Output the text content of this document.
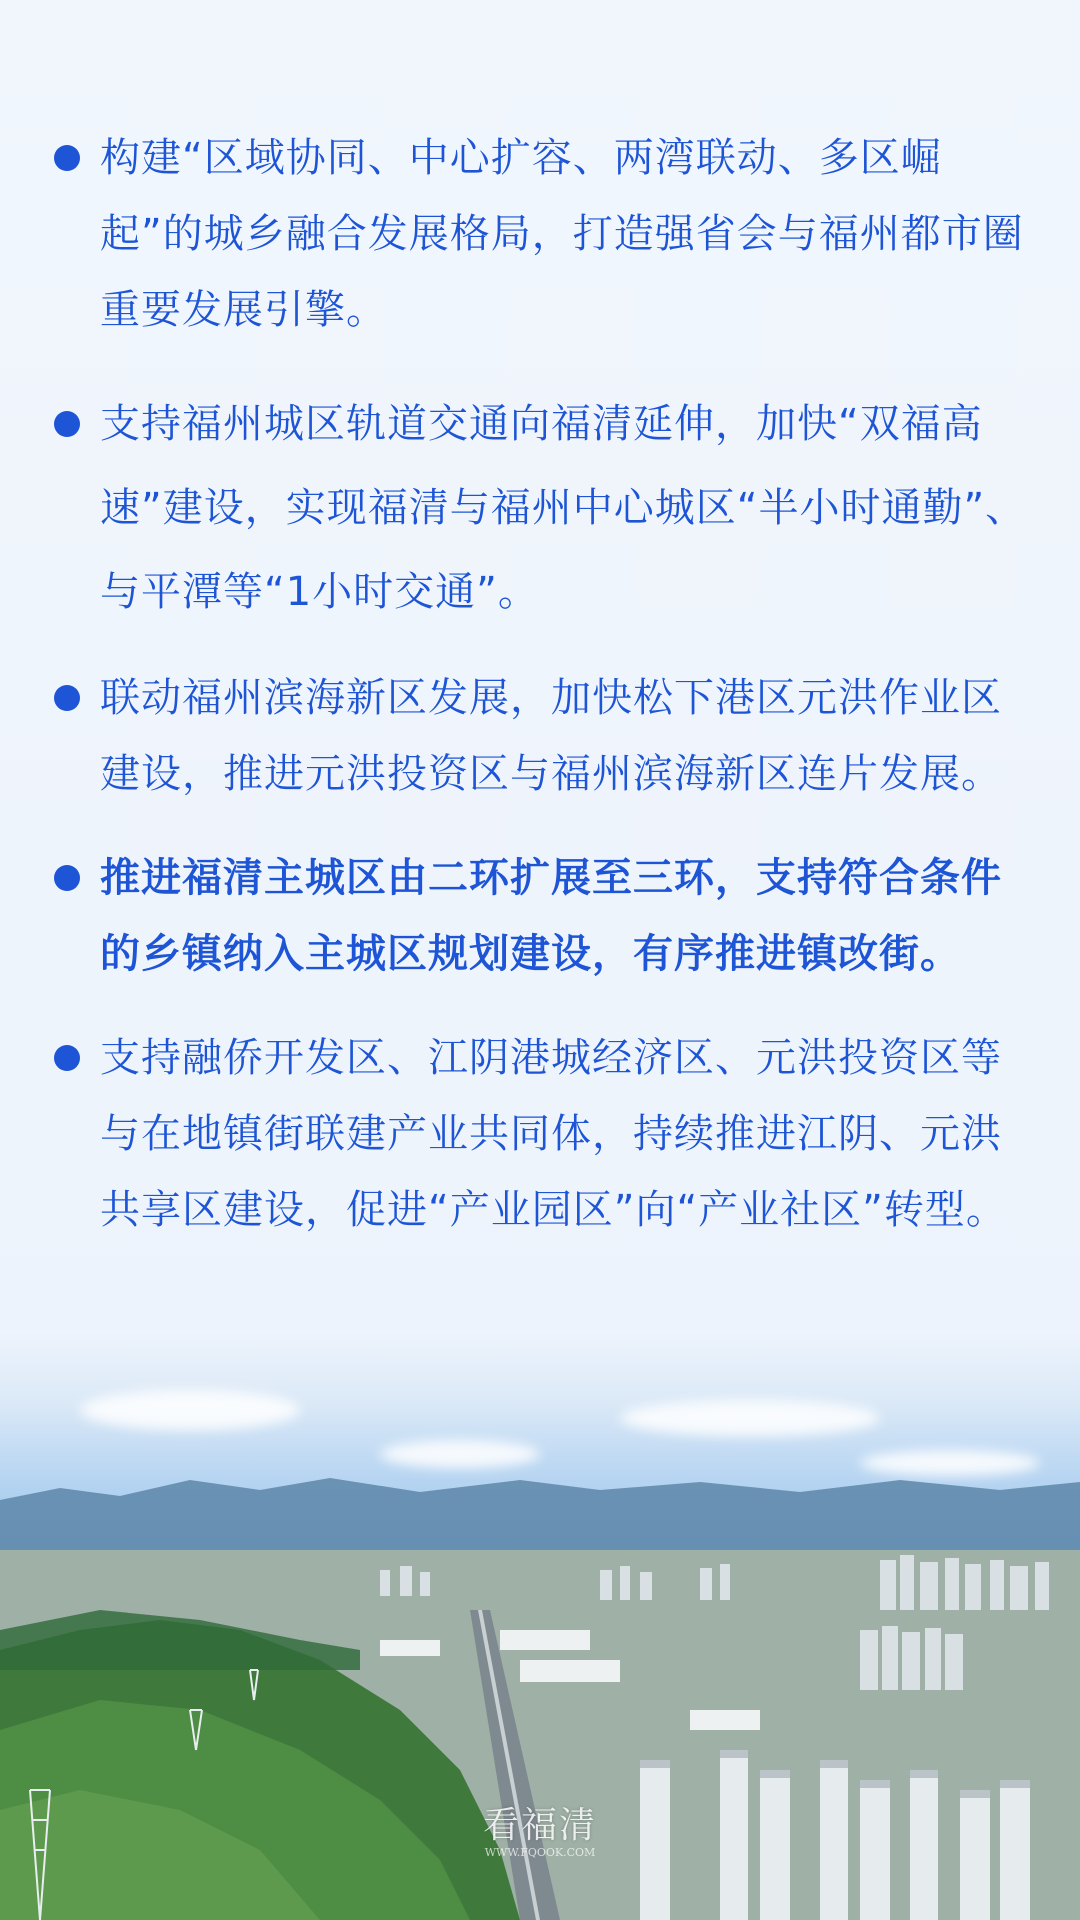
构建“区域协同、中心扩容、两湾联动、多区崛起”的城乡融合发展格局，打造强省会与福州都市圈重要发展引擎。
支持福州城区轨道交通向福清延伸，加快“双福高速”建设，实现福清与福州中心城区“半小时通勤”、与平潭等“1小时交通”。
联动福州滨海新区发展，加快松下港区元洪作业区建设，推进元洪投资区与福州滨海新区连片发展。
推进福清主城区由二环扩展至三环，支持符合条件的乡镇纳入主城区规划建设，有序推进镇改街。
支持融侨开发区、江阴港城经济区、元洪投资区等与在地镇街联建产业共同体，持续推进江阴、元洪共享区建设，促进“产业园区”向“产业社区”转型。
看福清
WWW.FQOOK.COM
